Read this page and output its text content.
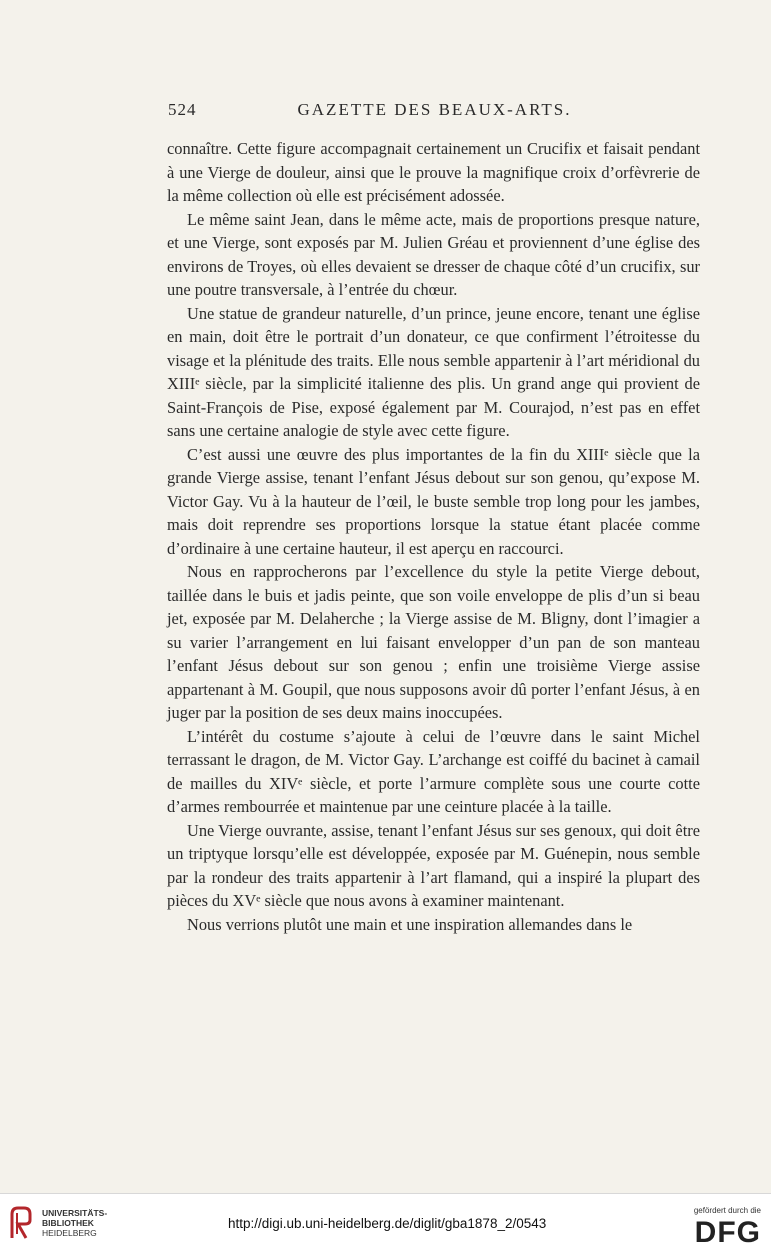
524	GAZETTE DES BEAUX-ARTS.

connaître. Cette figure accompagnait certainement un Crucifix et faisait pendant à une Vierge de douleur, ainsi que le prouve la magnifique croix d’orfèvrerie de la même collection où elle est précisément adossée.

Le même saint Jean, dans le même acte, mais de proportions presque nature, et une Vierge, sont exposés par M. Julien Gréau et proviennent d’une église des environs de Troyes, où elles devaient se dresser de chaque côté d’un crucifix, sur une poutre transversale, à l’entrée du chœur.

Une statue de grandeur naturelle, d’un prince, jeune encore, tenant une église en main, doit être le portrait d’un donateur, ce que confirment l’étroitesse du visage et la plénitude des traits. Elle nous semble appartenir à l’art méridional du XIIIᵉ siècle, par la simplicité italienne des plis. Un grand ange qui provient de Saint-François de Pise, exposé également par M. Courajod, n’est pas en effet sans une certaine analogie de style avec cette figure.

C’est aussi une œuvre des plus importantes de la fin du XIIIᵉ siècle que la grande Vierge assise, tenant l’enfant Jésus debout sur son genou, qu’expose M. Victor Gay. Vu à la hauteur de l’œil, le buste semble trop long pour les jambes, mais doit reprendre ses proportions lorsque la statue étant placée comme d’ordinaire à une certaine hauteur, il est aperçu en raccourci.

Nous en rapprocherons par l’excellence du style la petite Vierge debout, taillée dans le buis et jadis peinte, que son voile enveloppe de plis d’un si beau jet, exposée par M. Delaherche ; la Vierge assise de M. Bligny, dont l’imagier a su varier l’arrangement en lui faisant envelopper d’un pan de son manteau l’enfant Jésus debout sur son genou ; enfin une troisième Vierge assise appartenant à M. Goupil, que nous supposons avoir dû porter l’enfant Jésus, à en juger par la position de ses deux mains inoccupées.

L’intérêt du costume s’ajoute à celui de l’œuvre dans le saint Michel terrassant le dragon, de M. Victor Gay. L’archange est coiffé du bacinet à camail de mailles du XIVᵉ siècle, et porte l’armure complète sous une courte cotte d’armes rembourrée et maintenue par une ceinture placée à la taille.

Une Vierge ouvrante, assise, tenant l’enfant Jésus sur ses genoux, qui doit être un triptyque lorsqu’elle est développée, exposée par M. Guénepin, nous semble par la rondeur des traits appartenir à l’art flamand, qui a inspiré la plupart des pièces du XVᵉ siècle que nous avons à examiner maintenant.

Nous verrions plutôt une main et une inspiration allemandes dans le

UNIVERSITÄTS-
BIBLIOTHEK
HEIDELBERG
http://digi.ub.uni-heidelberg.de/diglit/gba1878_2/0543
gefördert durch die
DFG
